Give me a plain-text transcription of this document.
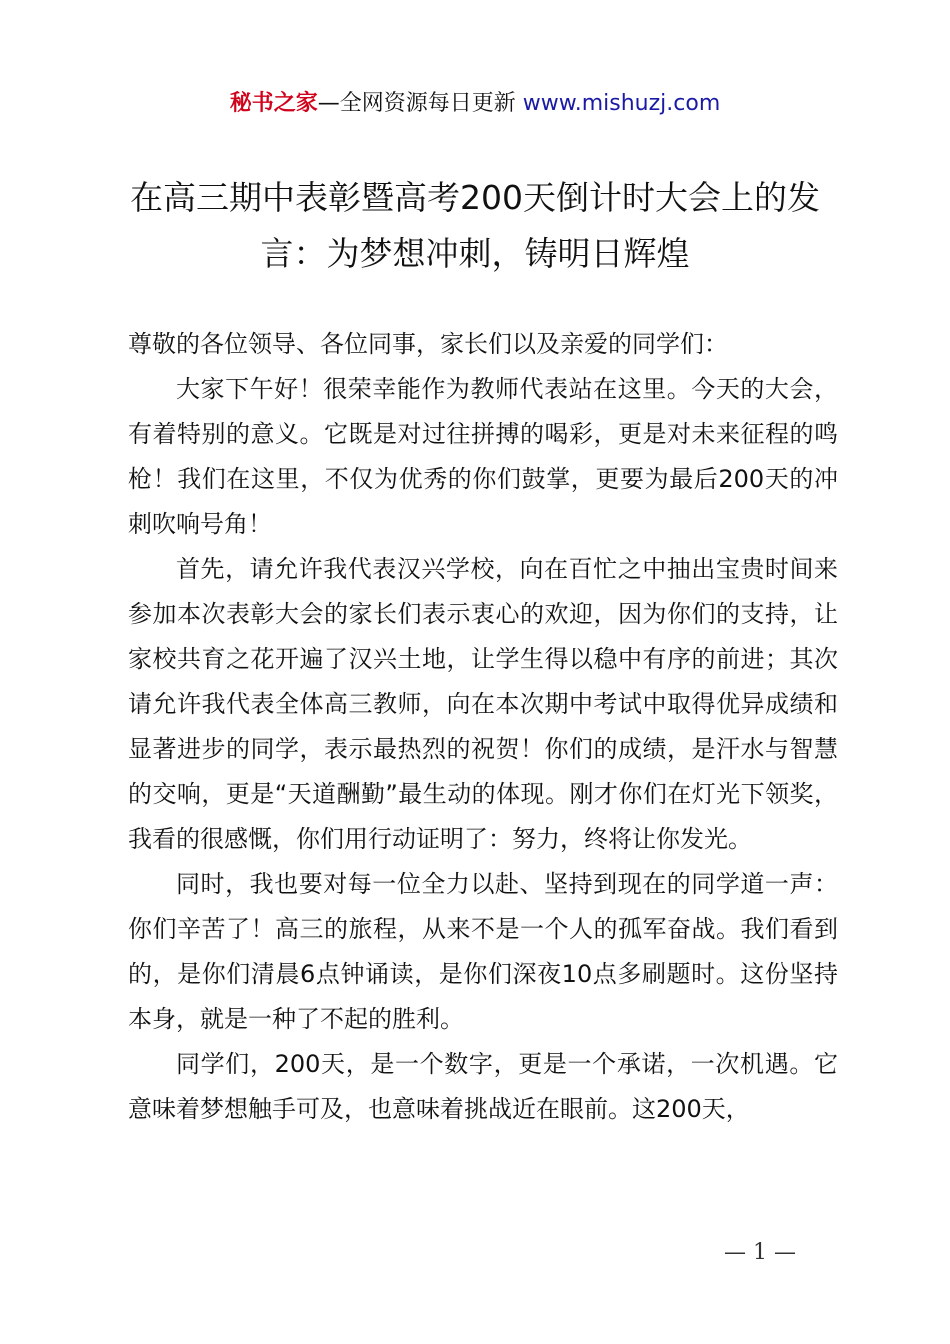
秘书之家—全网资源每日更新 www.mishuzj.com
在高三期中表彰暨高考200天倒计时大会上的发言：为梦想冲刺，铸明日辉煌

尊敬的各位领导、各位同事，家长们以及亲爱的同学们：

大家下午好！很荣幸能作为教师代表站在这里。今天的大会，有着特别的意义。它既是对过往拼搏的喝彩，更是对未来征程的鸣枪！我们在这里，不仅为优秀的你们鼓掌，更要为最后200天的冲刺吹响号角！

首先，请允许我代表汉兴学校，向在百忙之中抽出宝贵时间来参加本次表彰大会的家长们表示衷心的欢迎，因为你们的支持，让家校共育之花开遍了汉兴土地，让学生得以稳中有序的前进；其次请允许我代表全体高三教师，向在本次期中考试中取得优异成绩和显著进步的同学，表示最热烈的祝贺！你们的成绩，是汗水与智慧的交响，更是“天道酬勤”最生动的体现。刚才你们在灯光下领奖，我看的很感慨，你们用行动证明了：努力，终将让你发光。

同时，我也要对每一位全力以赴、坚持到现在的同学道一声：你们辛苦了！高三的旅程，从来不是一个人的孤军奋战。我们看到的，是你们清晨6点钟诵读，是你们深夜10点多刷题时。这份坚持本身，就是一种了不起的胜利。

同学们，200天，是一个数字，更是一个承诺，一次机遇。它意味着梦想触手可及，也意味着挑战近在眼前。这200天，

— 1 —
